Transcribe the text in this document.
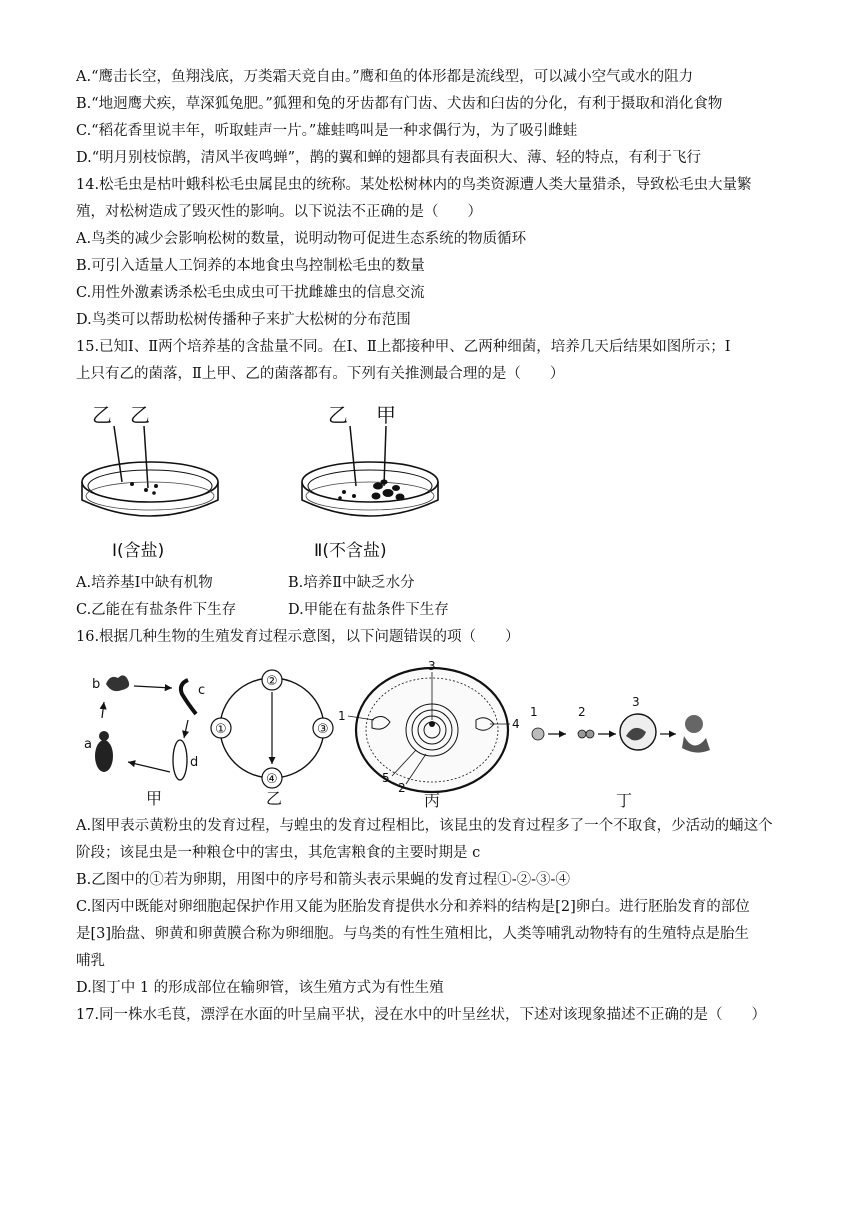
A.“鹰击长空，鱼翔浅底，万类霜天竞自由。”鹰和鱼的体形都是流线型，可以减小空气或水的阻力
B.“地迥鹰犬疾，草深狐兔肥。”狐狸和兔的牙齿都有门齿、犬齿和臼齿的分化，有利于摄取和消化食物
C.“稻花香里说丰年，听取蛙声一片。”雄蛙鸣叫是一种求偶行为，为了吸引雌蛙
D.“明月别枝惊鹊，清风半夜鸣蝉”，鹊的翼和蝉的翅都具有表面积大、薄、轻的特点，有利于飞行
14.松毛虫是枯叶蛾科松毛虫属昆虫的统称。某处松树林内的鸟类资源遭人类大量猎杀，导致松毛虫大量繁
殖，对松树造成了毁灭性的影响。以下说法不正确的是（　　）
A.鸟类的减少会影响松树的数量，说明动物可促进生态系统的物质循环
B.可引入适量人工饲养的本地食虫鸟控制松毛虫的数量
C.用性外激素诱杀松毛虫成虫可干扰雌雄虫的信息交流
D.鸟类可以帮助松树传播种子来扩大松树的分布范围
15.已知Ⅰ、Ⅱ两个培养基的含盐量不同。在Ⅰ、Ⅱ上都接种甲、乙两种细菌，培养几天后结果如图所示；Ⅰ
上只有乙的菌落，Ⅱ上甲、乙的菌落都有。下列有关推测最合理的是（　　）
乙 乙
Ⅰ(含盐)
乙 甲
Ⅱ(不含盐)
A.培养基Ⅰ中缺有机物	B.培养Ⅱ中缺乏水分
C.乙能在有盐条件下生存	D.甲能在有盐条件下生存
16.根据几种生物的生殖发育过程示意图，以下问题错误的项（　　）
b	c
d
a
甲
②
①	③
④
乙
3
1
4
5
2
丙
1	2
3
丁
A.图甲表示黄粉虫的发育过程，与蝗虫的发育过程相比，该昆虫的发育过程多了一个不取食，少活动的蛹这个
阶段；该昆虫是一种粮仓中的害虫，其危害粮食的主要时期是 c
B.乙图中的①若为卵期，用图中的序号和箭头表示果蝇的发育过程①-②-③-④
C.图丙中既能对卵细胞起保护作用又能为胚胎发育提供水分和养料的结构是[2]卵白。进行胚胎发育的部位
是[3]胎盘、卵黄和卵黄膜合称为卵细胞。与鸟类的有性生殖相比，人类等哺乳动物特有的生殖特点是胎生
哺乳
D.图丁中 1 的形成部位在输卵管，该生殖方式为有性生殖
17.同一株水毛茛，漂浮在水面的叶呈扁平状，浸在水中的叶呈丝状，下述对该现象描述不正确的是（　　）
